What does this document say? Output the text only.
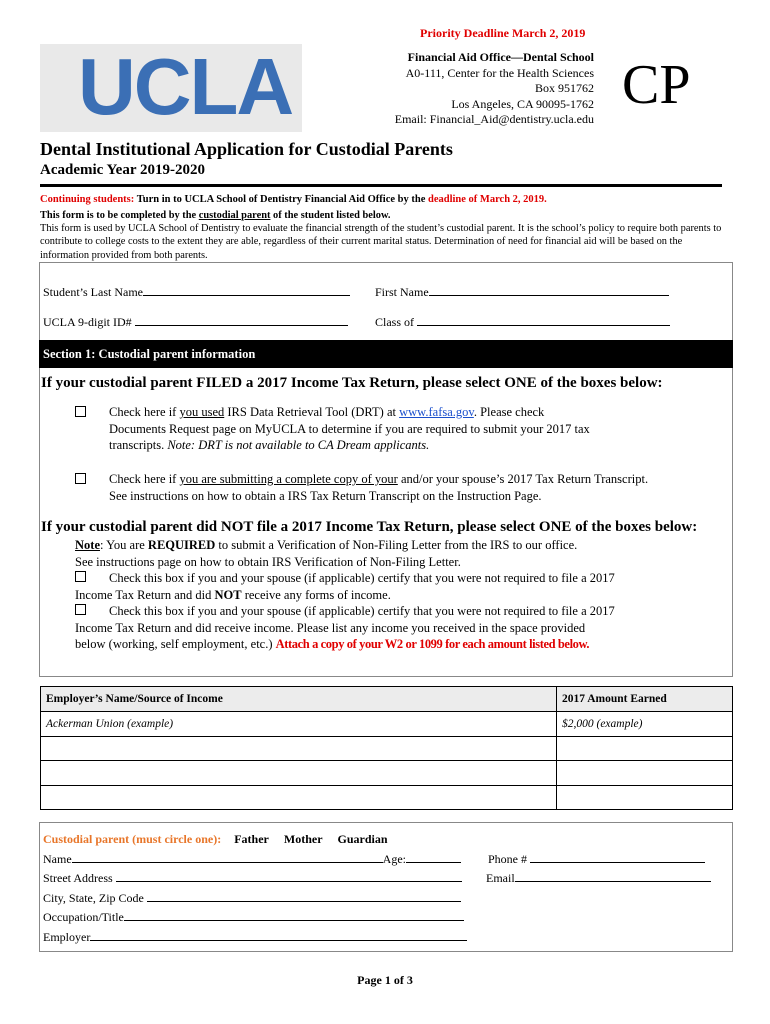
UCLA
Priority Deadline March 2, 2019
Financial Aid Office—Dental School
A0-111, Center for the Health Sciences
Box 951762
Los Angeles, CA 90095-1762
Email: Financial_Aid@dentistry.ucla.edu
CP
Dental Institutional Application for Custodial Parents
Academic Year 2019-2020
Continuing students: Turn in to UCLA School of Dentistry Financial Aid Office by the deadline of March 2, 2019.
This form is to be completed by the custodial parent of the student listed below.
This form is used by UCLA School of Dentistry to evaluate the financial strength of the student’s custodial parent. It is the school’s policy to require both parents to contribute to college costs to the extent they are able, regardless of their current marital status. Determination of need for financial aid will be based on the information provided from both parents.
Student’s Last Name	First Name
UCLA 9-digit ID#	Class of
Section 1: Custodial parent information
If your custodial parent FILED a 2017 Income Tax Return, please select ONE of the boxes below:
Check here if you used IRS Data Retrieval Tool (DRT) at www.fafsa.gov. Please check
Documents Request page on MyUCLA to determine if you are required to submit your 2017 tax
transcripts. Note: DRT is not available to CA Dream applicants.
Check here if you are submitting a complete copy of your and/or your spouse’s 2017 Tax Return Transcript.
See instructions on how to obtain a IRS Tax Return Transcript on the Instruction Page.
If your custodial parent did NOT file a 2017 Income Tax Return, please select ONE of the boxes below:
Note: You are REQUIRED to submit a Verification of Non-Filing Letter from the IRS to our office.
See instructions page on how to obtain IRS Verification of Non-Filing Letter.
Check this box if you and your spouse (if applicable) certify that you were not required to file a 2017
Income Tax Return and did NOT receive any forms of income.
Check this box if you and your spouse (if applicable) certify that you were not required to file a 2017
Income Tax Return and did receive income. Please list any income you received in the space provided
below (working, self employment, etc.) Attach a copy of your W2 or 1099 for each amount listed below.
Employer’s Name/Source of Income	2017 Amount Earned
Ackerman Union (example)	$2,000 (example)

Custodial parent (must circle one): Father Mother Guardian
Name	Age:	Phone #
Street Address	Email
City, State, Zip Code
Occupation/Title
Employer
Page 1 of 3
